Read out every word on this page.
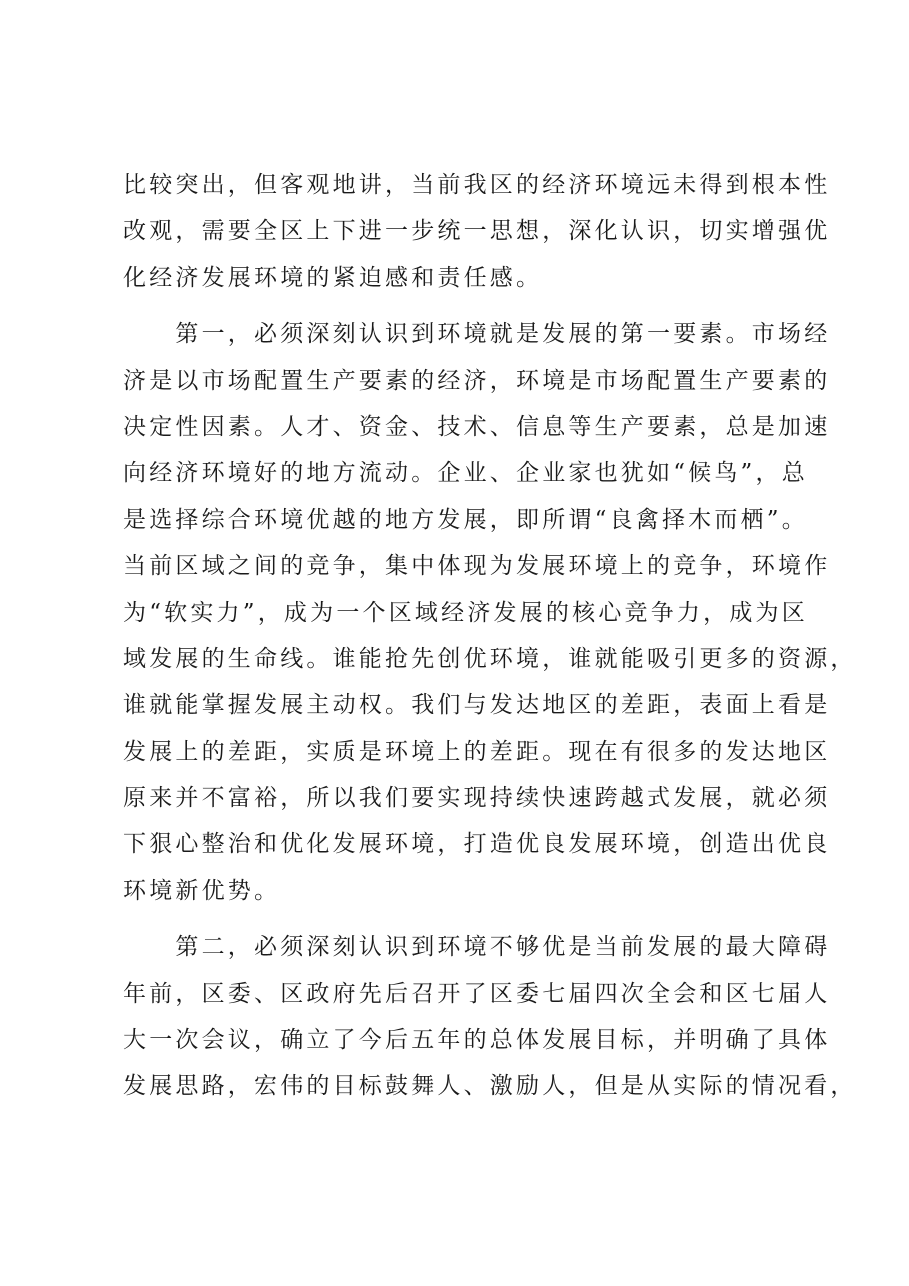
比较突出，但客观地讲，当前我区的经济环境远未得到根本性
改观，需要全区上下进一步统一思想，深化认识，切实增强优
化经济发展环境的紧迫感和责任感。
　　第一，必须深刻认识到环境就是发展的第一要素。市场经
济是以市场配置生产要素的经济，环境是市场配置生产要素的
决定性因素。人才、资金、技术、信息等生产要素，总是加速
向经济环境好的地方流动。企业、企业家也犹如“候鸟”，总
是选择综合环境优越的地方发展，即所谓“良禽择木而栖”。
当前区域之间的竞争，集中体现为发展环境上的竞争，环境作
为“软实力”，成为一个区域经济发展的核心竞争力，成为区
域发展的生命线。谁能抢先创优环境，谁就能吸引更多的资源，
谁就能掌握发展主动权。我们与发达地区的差距，表面上看是
发展上的差距，实质是环境上的差距。现在有很多的发达地区
原来并不富裕，所以我们要实现持续快速跨越式发展，就必须
下狠心整治和优化发展环境，打造优良发展环境，创造出优良
环境新优势。
　　第二，必须深刻认识到环境不够优是当前发展的最大障碍
年前，区委、区政府先后召开了区委七届四次全会和区七届人
大一次会议，确立了今后五年的总体发展目标，并明确了具体
发展思路，宏伟的目标鼓舞人、激励人，但是从实际的情况看，
